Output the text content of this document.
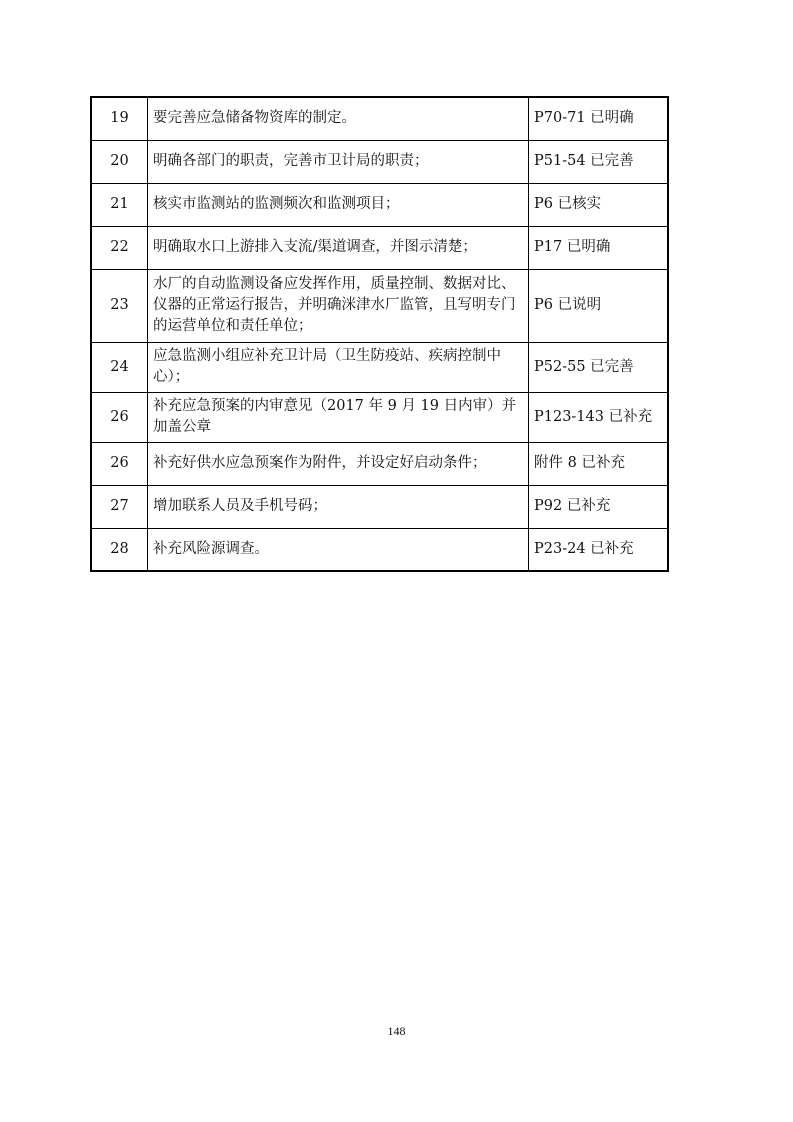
19	要完善应急储备物资库的制定。	P70-71 已明确
20	明确各部门的职责，完善市卫计局的职责；	P51-54 已完善
21	核实市监测站的监测频次和监测项目；	P6 已核实
22	明确取水口上游排入支流/渠道调查，并图示清楚；	P17 已明确
23	水厂的自动监测设备应发挥作用，质量控制、数据对比、仪器的正常运行报告，并明确洣津水厂监管，且写明专门的运营单位和责任单位；	P6 已说明
24	应急监测小组应补充卫计局（卫生防疫站、疾病控制中心）；	P52-55 已完善
26	补充应急预案的内审意见（2017 年 9 月 19 日内审）并加盖公章	P123-143 已补充
26	补充好供水应急预案作为附件，并设定好启动条件；	附件 8 已补充
27	增加联系人员及手机号码；	P92 已补充
28	补充风险源调查。	P23-24 已补充
148
